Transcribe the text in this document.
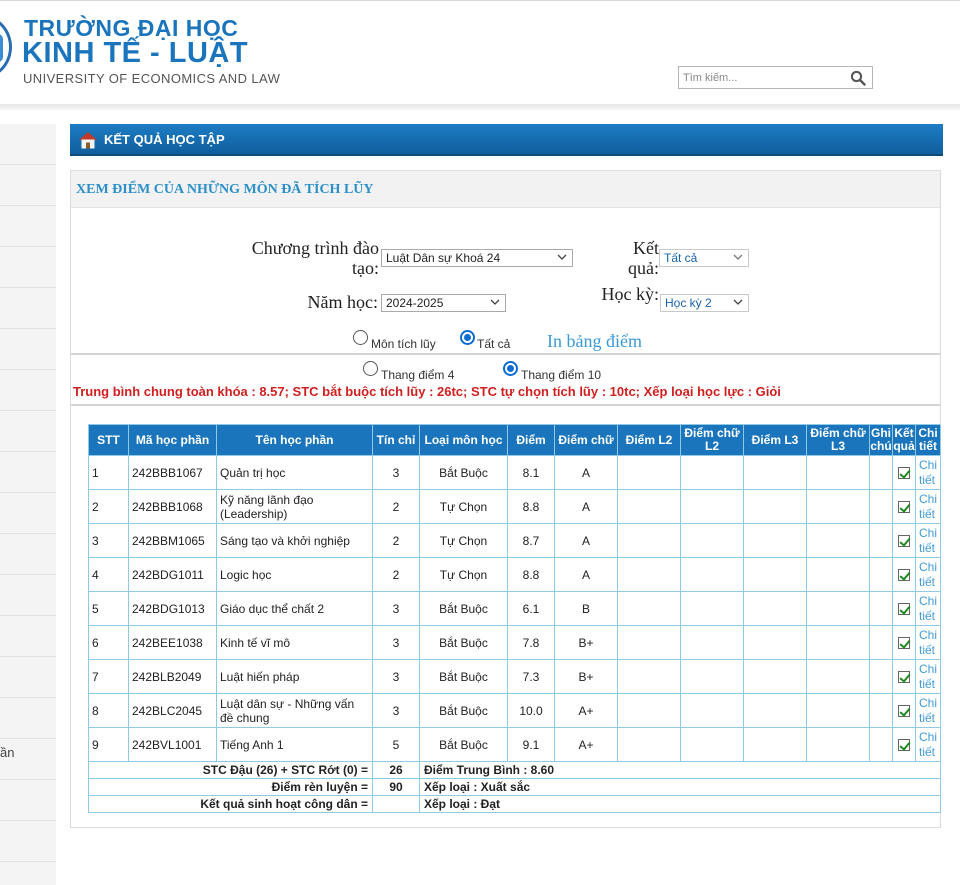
TRƯỜNG ĐẠI HỌC
KINH TẾ - LUẬT
UNIVERSITY OF ECONOMICS AND LAW
Tìm kiếm...
ần
KẾT QUẢ HỌC TẬP
XEM ĐIỂM CỦA NHỮNG MÔN ĐÃ TÍCH LŨY
Chương trình đào
tạo: Luật Dân sự Khoá 24	Kết
quả: Tất cả
Năm học: 2024-2025	Học kỳ: Học kỳ 2
Môn tích lũy	Tất cả In bảng điểm
Thang điểm 4	Thang điểm 10
Trung bình chung toàn khóa : 8.57; STC bắt buộc tích lũy : 26tc; STC tự chọn tích lũy : 10tc; Xếp loại học lực : Giỏi
STT	Mã học phần	Tên học phần	Tín chỉ	Loại môn học	Điểm	Điểm chữ	Điểm L2	Điểm chữ L2	Điểm L3	Điểm chữ L3	Ghi chú	Kết quả	Chi tiết
1	242BBB1067	Quản trị học	3	Bắt Buộc	8.1	A							Chi tiết
2	242BBB1068	Kỹ năng lãnh đạo (Leadership)	2	Tự Chọn	8.8	A							Chi tiết
3	242BBM1065	Sáng tạo và khởi nghiệp	2	Tự Chọn	8.7	A							Chi tiết
4	242BDG1011	Logic học	2	Tự Chọn	8.8	A							Chi tiết
5	242BDG1013	Giáo dục thể chất 2	3	Bắt Buộc	6.1	B							Chi tiết
6	242BEE1038	Kinh tế vĩ mô	3	Bắt Buộc	7.8	B+							Chi tiết
7	242BLB2049	Luật hiến pháp	3	Bắt Buộc	7.3	B+							Chi tiết
8	242BLC2045	Luật dân sự - Những vấn đề chung	3	Bắt Buộc	10.0	A+							Chi tiết
9	242BVL1001	Tiếng Anh 1	5	Bắt Buộc	9.1	A+							Chi tiết
STC Đậu (26) + STC Rớt (0) =			26	Điểm Trung Bình : 8.60									
Điểm rèn luyện =			90	Xếp loại : Xuất sắc									
Kết quả sinh hoạt công dân =				Xếp loại : Đạt									
